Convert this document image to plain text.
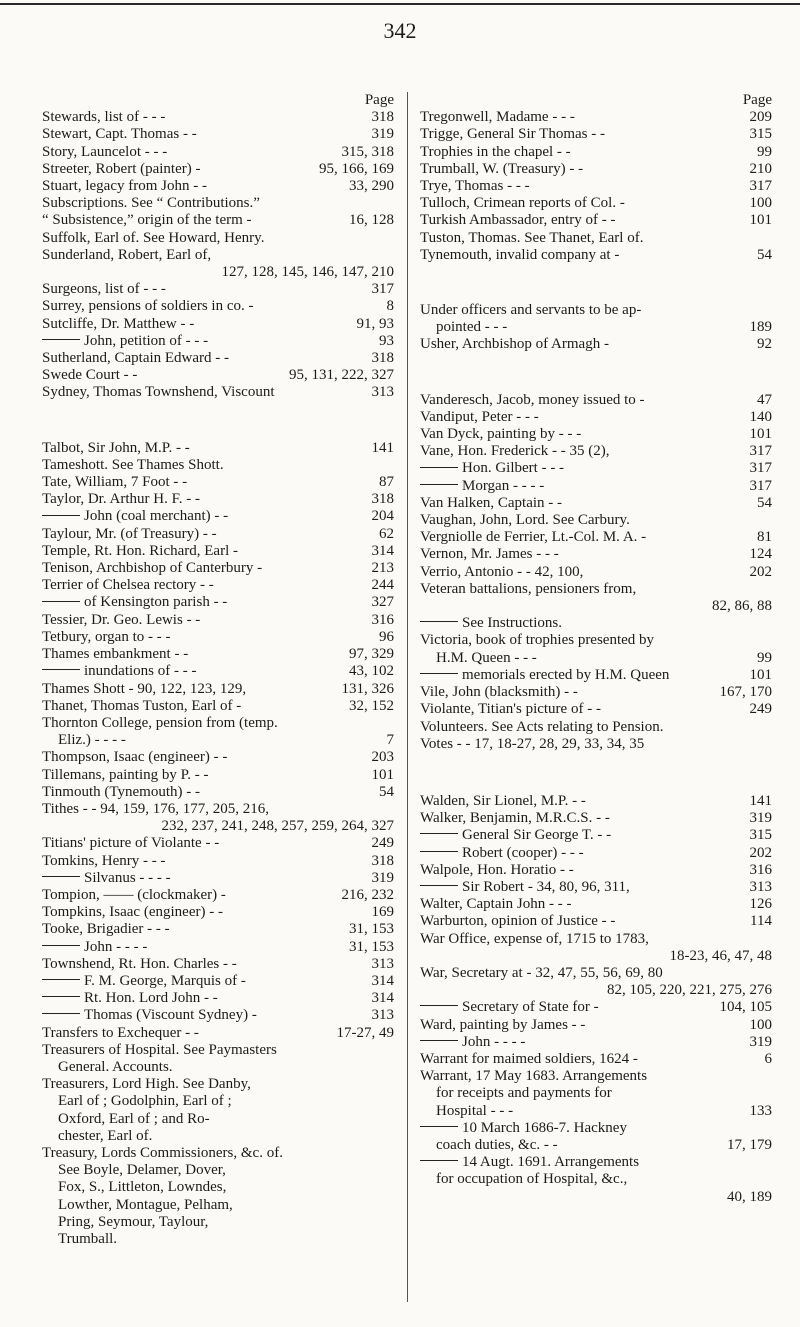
342
Page
318
Stewards, list of - - -
319
Stewart, Capt. Thomas - -
315, 318
Story, Launcelot - - -
95, 166, 169
Streeter, Robert (painter) -
33, 290
Stuart, legacy from John - -
Subscriptions. See “ Contributions.”
16, 128
“ Subsistence,” origin of the term -
Suffolk, Earl of. See Howard, Henry.
Sunderland, Robert, Earl of,
127, 128, 145, 146, 147, 210
317
Surgeons, list of - - -
8
Surrey, pensions of soldiers in co. -
91, 93
Sutcliffe, Dr. Matthew - -
93
John, petition of - - -
318
Sutherland, Captain Edward - -
95, 131, 222, 327
Swede Court - -
313
Sydney, Thomas Townshend, Viscount
141
Talbot, Sir John, M.P. - -
Tameshott. See Thames Shott.
87
Tate, William, 7 Foot - -
318
Taylor, Dr. Arthur H. F. - -
204
John (coal merchant) - -
62
Taylour, Mr. (of Treasury) - -
314
Temple, Rt. Hon. Richard, Earl -
213
Tenison, Archbishop of Canterbury -
244
Terrier of Chelsea rectory - -
327
of Kensington parish - -
316
Tessier, Dr. Geo. Lewis - -
96
Tetbury, organ to - - -
97, 329
Thames embankment - -
43, 102
inundations of - - -
131, 326
Thames Shott - 90, 122, 123, 129,
32, 152
Thanet, Thomas Tuston, Earl of -
Thornton College, pension from (temp.
7
Eliz.) - - - -
203
Thompson, Isaac (engineer) - -
101
Tillemans, painting by P. - -
54
Tinmouth (Tynemouth) - -
Tithes - - 94, 159, 176, 177, 205, 216,
232, 237, 241, 248, 257, 259, 264, 327
249
Titians' picture of Violante - -
318
Tomkins, Henry - - -
319
Silvanus - - - -
216, 232
Tompion, —— (clockmaker) -
169
Tompkins, Isaac (engineer) - -
31, 153
Tooke, Brigadier - - -
31, 153
John - - - -
313
Townshend, Rt. Hon. Charles - -
314
F. M. George, Marquis of -
314
Rt. Hon. Lord John - -
313
Thomas (Viscount Sydney) -
17-27, 49
Transfers to Exchequer - -
Treasurers of Hospital. See Paymasters
General. Accounts.
Treasurers, Lord High. See Danby,
Earl of ; Godolphin, Earl of ;
Oxford, Earl of ; and Ro-
chester, Earl of.
Treasury, Lords Commissioners, &c. of.
See Boyle, Delamer, Dover,
Fox, S., Littleton, Lowndes,
Lowther, Montague, Pelham,
Pring, Seymour, Taylour,
Trumball.
Page
209
Tregonwell, Madame - - -
315
Trigge, General Sir Thomas - -
99
Trophies in the chapel - -
210
Trumball, W. (Treasury) - -
317
Trye, Thomas - - -
100
Tulloch, Crimean reports of Col. -
101
Turkish Ambassador, entry of - -
Tuston, Thomas. See Thanet, Earl of.
54
Tynemouth, invalid company at -
Under officers and servants to be ap-
189
pointed - - -
92
Usher, Archbishop of Armagh -
47
Vanderesch, Jacob, money issued to -
140
Vandiput, Peter - - -
101
Van Dyck, painting by - - -
317
Vane, Hon. Frederick - - 35 (2),
317
Hon. Gilbert - - -
317
Morgan - - - -
54
Van Halken, Captain - -
Vaughan, John, Lord. See Carbury.
81
Vergniolle de Ferrier, Lt.-Col. M. A. -
124
Vernon, Mr. James - - -
202
Verrio, Antonio - - 42, 100,
Veteran battalions, pensioners from,
82, 86, 88
See Instructions.
Victoria, book of trophies presented by
99
H.M. Queen - - -
101
memorials erected by H.M. Queen
167, 170
Vile, John (blacksmith) - -
249
Violante, Titian's picture of - -
Volunteers. See Acts relating to Pension.
Votes - - 17, 18-27, 28, 29, 33, 34, 35
141
Walden, Sir Lionel, M.P. - -
319
Walker, Benjamin, M.R.C.S. - -
315
General Sir George T. - -
202
Robert (cooper) - - -
316
Walpole, Hon. Horatio - -
313
Sir Robert - 34, 80, 96, 311,
126
Walter, Captain John - - -
114
Warburton, opinion of Justice - -
War Office, expense of, 1715 to 1783,
18-23, 46, 47, 48
War, Secretary at - 32, 47, 55, 56, 69, 80
82, 105, 220, 221, 275, 276
104, 105
Secretary of State for -
100
Ward, painting by James - -
319
John - - - -
6
Warrant for maimed soldiers, 1624 -
Warrant, 17 May 1683. Arrangements
for receipts and payments for
133
Hospital - - -
10 March 1686-7. Hackney
17, 179
coach duties, &c. - -
14 Augt. 1691. Arrangements
for occupation of Hospital, &c.,
40, 189
